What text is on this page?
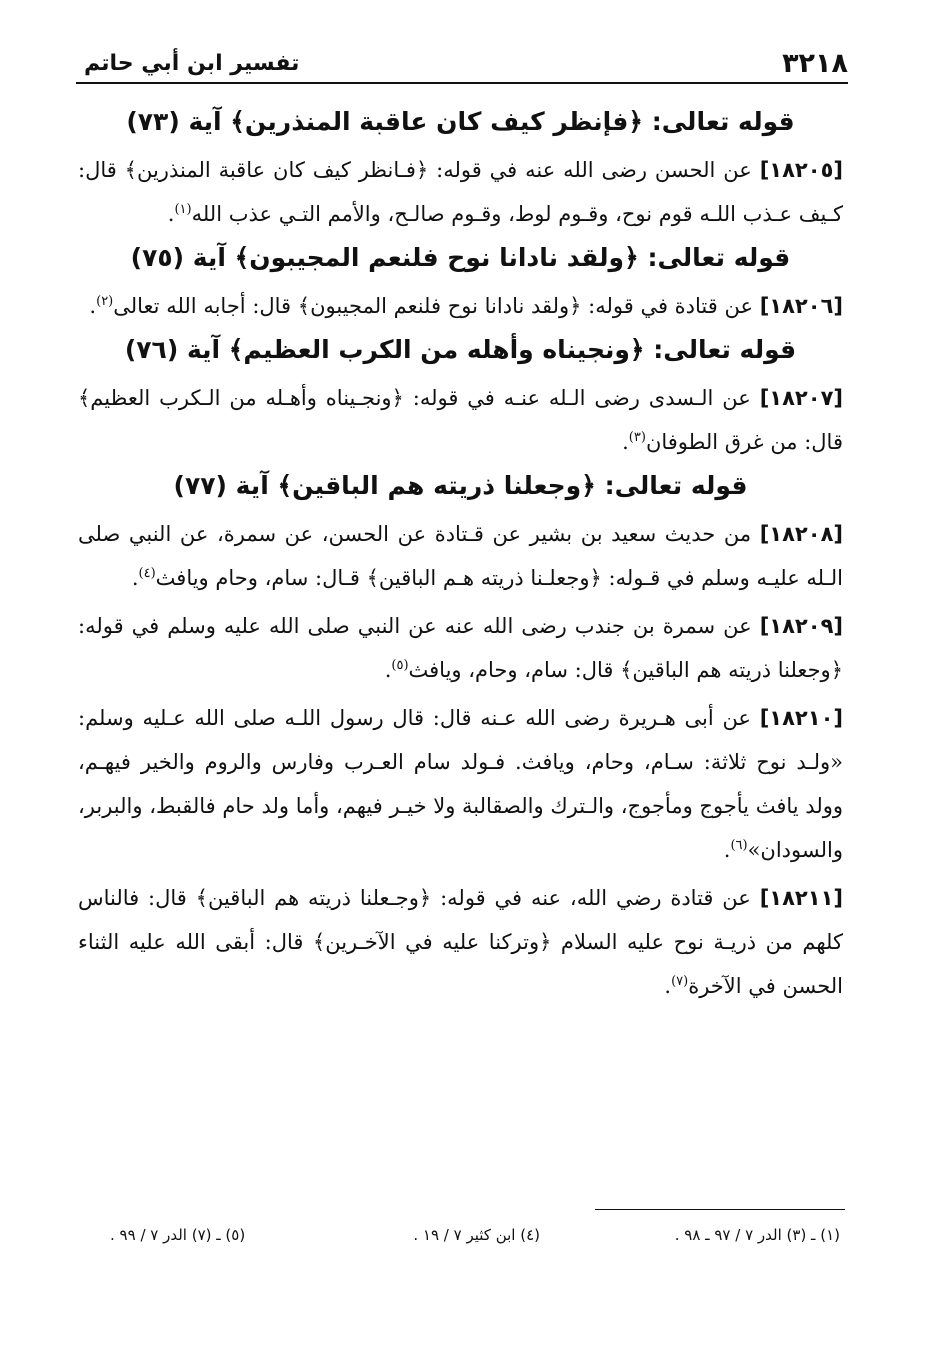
٣٢١٨
تفسير ابن أبي حاتم
قوله تعالى: ﴿فإنظر كيف كان عاقبة المنذرين﴾ آية (٧٣)

[١٨٢٠٥] عن الحسن رضى الله عنه في قوله: ﴿فـانظر كيف كان عاقبة المنذرين﴾ قال: كـيف عـذب اللـه قوم نوح، وقـوم لوط، وقـوم صالـح، والأمم التـي عذب الله$^{(١)}$.

قوله تعالى: ﴿ولقد نادانا نوح فلنعم المجيبون﴾ آية (٧٥)

[١٨٢٠٦] عن قتادة في قوله: ﴿ولقد نادانا نوح فلنعم المجيبون﴾ قال: أجابه الله تعالى$^{(٢)}$.

قوله تعالى: ﴿ونجيناه وأهله من الكرب العظيم﴾ آية (٧٦)

[١٨٢٠٧] عن الـسدى رضى الـله عنـه في قوله: ﴿ونجـيناه وأهـله من الـكرب العظيم﴾ قال: من غرق الطوفان$^{(٣)}$.

قوله تعالى: ﴿وجعلنا ذريته هم الباقين﴾ آية (٧٧)

[١٨٢٠٨] من حديث سعيد بن بشير عن قـتادة عن الحسن، عن سمرة، عن النبي صلى الـله عليـه وسلم في قـوله: ﴿وجعلـنا ذريته هـم الباقين﴾ قـال: سام، وحام ويافث$^{(٤)}$.

[١٨٢٠٩] عن سمرة بن جندب رضى الله عنه عن النبي صلى الله عليه وسلم في قوله: ﴿وجعلنا ذريته هم الباقين﴾ قال: سام، وحام، ويافث$^{(٥)}$.

[١٨٢١٠] عن أبى هـريرة رضى الله عـنه قال: قال رسول اللـه صلى الله عـليه وسلم: «ولـد نوح ثلاثة: سـام، وحام، ويافث. فـولد سام العـرب وفارس والروم والخير فيهـم، وولد يافث يأجوج ومأجوج، والـترك والصقالبة ولا خيـر فيهم، وأما ولد حام فالقبط، والبربر، والسودان»$^{(٦)}$.

[١٨٢١١] عن قتادة رضي الله، عنه في قوله: ﴿وجـعلنا ذريته هم الباقين﴾ قال: فالناس كلهم من ذريـة نوح عليه السلام ﴿وتركنا عليه في الآخـرين﴾ قال: أبقى الله عليه الثناء الحسن في الآخرة$^{(٧)}$.

(١) ـ (٣) الدر ٧ / ٩٧ ـ ٩٨ .
(٤) ابن كثير ٧ / ١٩ .
(٥) ـ (٧) الدر ٧ / ٩٩ .
